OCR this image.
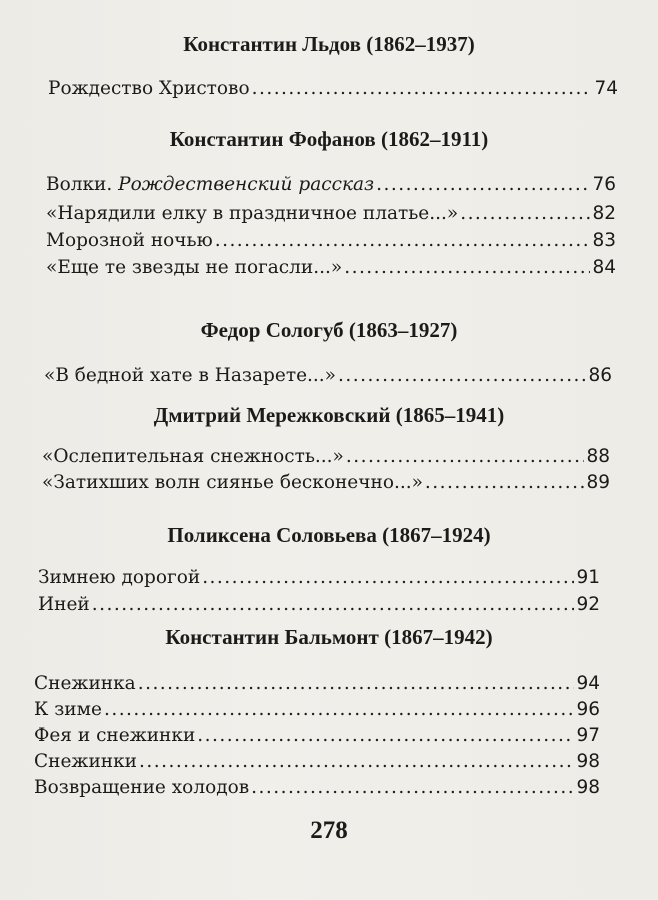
Константин Льдов (1862–1937)
Рождество Христово . . .	74
Константин Фофанов (1862–1911)
Волки. Рождественский рассказ . . .	76
«Нарядили елку в праздничное платье...» . . .	82
Морозной ночью . . .	83
«Еще те звезды не погасли...» . . .	84
Федор Сологуб (1863–1927)
«В бедной хате в Назарете...» . . .	86
Дмитрий Мережковский (1865–1941)
«Ослепительная снежность...» . . .	88
«Затихших волн сиянье бесконечно...» . . .	89
Поликсена Соловьева (1867–1924)
Зимнею дорогой . . .	91
Иней . . .	92
Константин Бальмонт (1867–1942)
Снежинка . . .	94
К зиме . . .	96
Фея и снежинки . . .	97
Снежинки . . .	98
Возвращение холодов . . .	98
278
